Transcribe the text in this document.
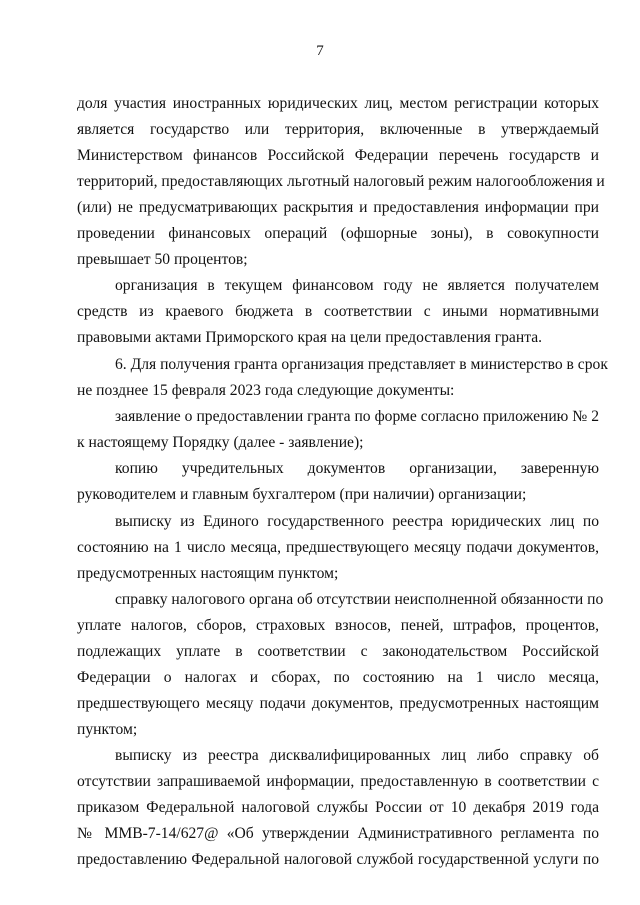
7
доля участия иностранных юридических лиц, местом регистрации которых
является государство или территория, включенные в утверждаемый
Министерством финансов Российской Федерации перечень государств и
территорий, предоставляющих льготный налоговый режим налогообложения и
(или) не предусматривающих раскрытия и предоставления информации при
проведении финансовых операций (офшорные зоны), в совокупности
превышает 50 процентов;
организация в текущем финансовом году не является получателем
средств из краевого бюджета в соответствии с иными нормативными
правовыми актами Приморского края на цели предоставления гранта.
6. Для получения гранта организация представляет в министерство в срок
не позднее 15 февраля 2023 года следующие документы:
заявление о предоставлении гранта по форме согласно приложению № 2
к настоящему Порядку (далее - заявление);
копию учредительных документов организации, заверенную
руководителем и главным бухгалтером (при наличии) организации;
выписку из Единого государственного реестра юридических лиц по
состоянию на 1 число месяца, предшествующего месяцу подачи документов,
предусмотренных настоящим пунктом;
справку налогового органа об отсутствии неисполненной обязанности по
уплате налогов, сборов, страховых взносов, пеней, штрафов, процентов,
подлежащих уплате в соответствии с законодательством Российской
Федерации о налогах и сборах, по состоянию на 1 число месяца,
предшествующего месяцу подачи документов, предусмотренных настоящим
пунктом;
выписку из реестра дисквалифицированных лиц либо справку об
отсутствии запрашиваемой информации, предоставленную в соответствии с
приказом Федеральной налоговой службы России от 10 декабря 2019 года
№ ММВ-7-14/627@ «Об утверждении Административного регламента по
предоставлению Федеральной налоговой службой государственной услуги по
